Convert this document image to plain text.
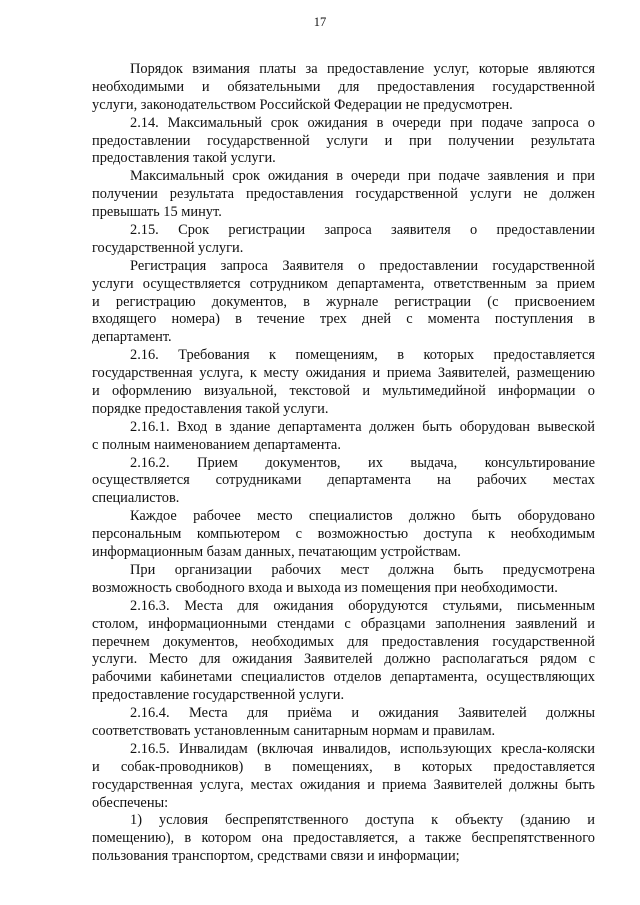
17
Порядок взимания платы за предоставление услуг, которые являются
необходимыми и обязательными для предоставления государственной
услуги, законодательством Российской Федерации не предусмотрен.
2.14. Максимальный срок ожидания в очереди при подаче запроса о
предоставлении государственной услуги и при получении результата
предоставления такой услуги.
Максимальный срок ожидания в очереди при подаче заявления и при
получении результата предоставления государственной услуги не должен
превышать 15 минут.
2.15. Срок регистрации запроса заявителя о предоставлении
государственной услуги.
Регистрация запроса Заявителя о предоставлении государственной
услуги осуществляется сотрудником департамента, ответственным за прием
и регистрацию документов, в журнале регистрации (с присвоением
входящего номера) в течение трех дней с момента поступления в
департамент.
2.16. Требования к помещениям, в которых предоставляется
государственная услуга, к месту ожидания и приема Заявителей, размещению
и оформлению визуальной, текстовой и мультимедийной информации о
порядке предоставления такой услуги.
2.16.1. Вход в здание департамента должен быть оборудован вывеской
с полным наименованием департамента.
2.16.2. Прием документов, их выдача, консультирование
осуществляется сотрудниками департамента на рабочих местах
специалистов.
Каждое рабочее место специалистов должно быть оборудовано
персональным компьютером с возможностью доступа к необходимым
информационным базам данных, печатающим устройствам.
При организации рабочих мест должна быть предусмотрена
возможность свободного входа и выхода из помещения при необходимости.
2.16.3. Места для ожидания оборудуются стульями, письменным
столом, информационными стендами с образцами заполнения заявлений и
перечнем документов, необходимых для предоставления государственной
услуги. Место для ожидания Заявителей должно располагаться рядом с
рабочими кабинетами специалистов отделов департамента, осуществляющих
предоставление государственной услуги.
2.16.4. Места для приёма и ожидания Заявителей должны
соответствовать установленным санитарным нормам и правилам.
2.16.5. Инвалидам (включая инвалидов, использующих кресла-коляски
и собак-проводников) в помещениях, в которых предоставляется
государственная услуга, местах ожидания и приема Заявителей должны быть
обеспечены:
1) условия беспрепятственного доступа к объекту (зданию и
помещению), в котором она предоставляется, а также беспрепятственного
пользования транспортом, средствами связи и информации;
